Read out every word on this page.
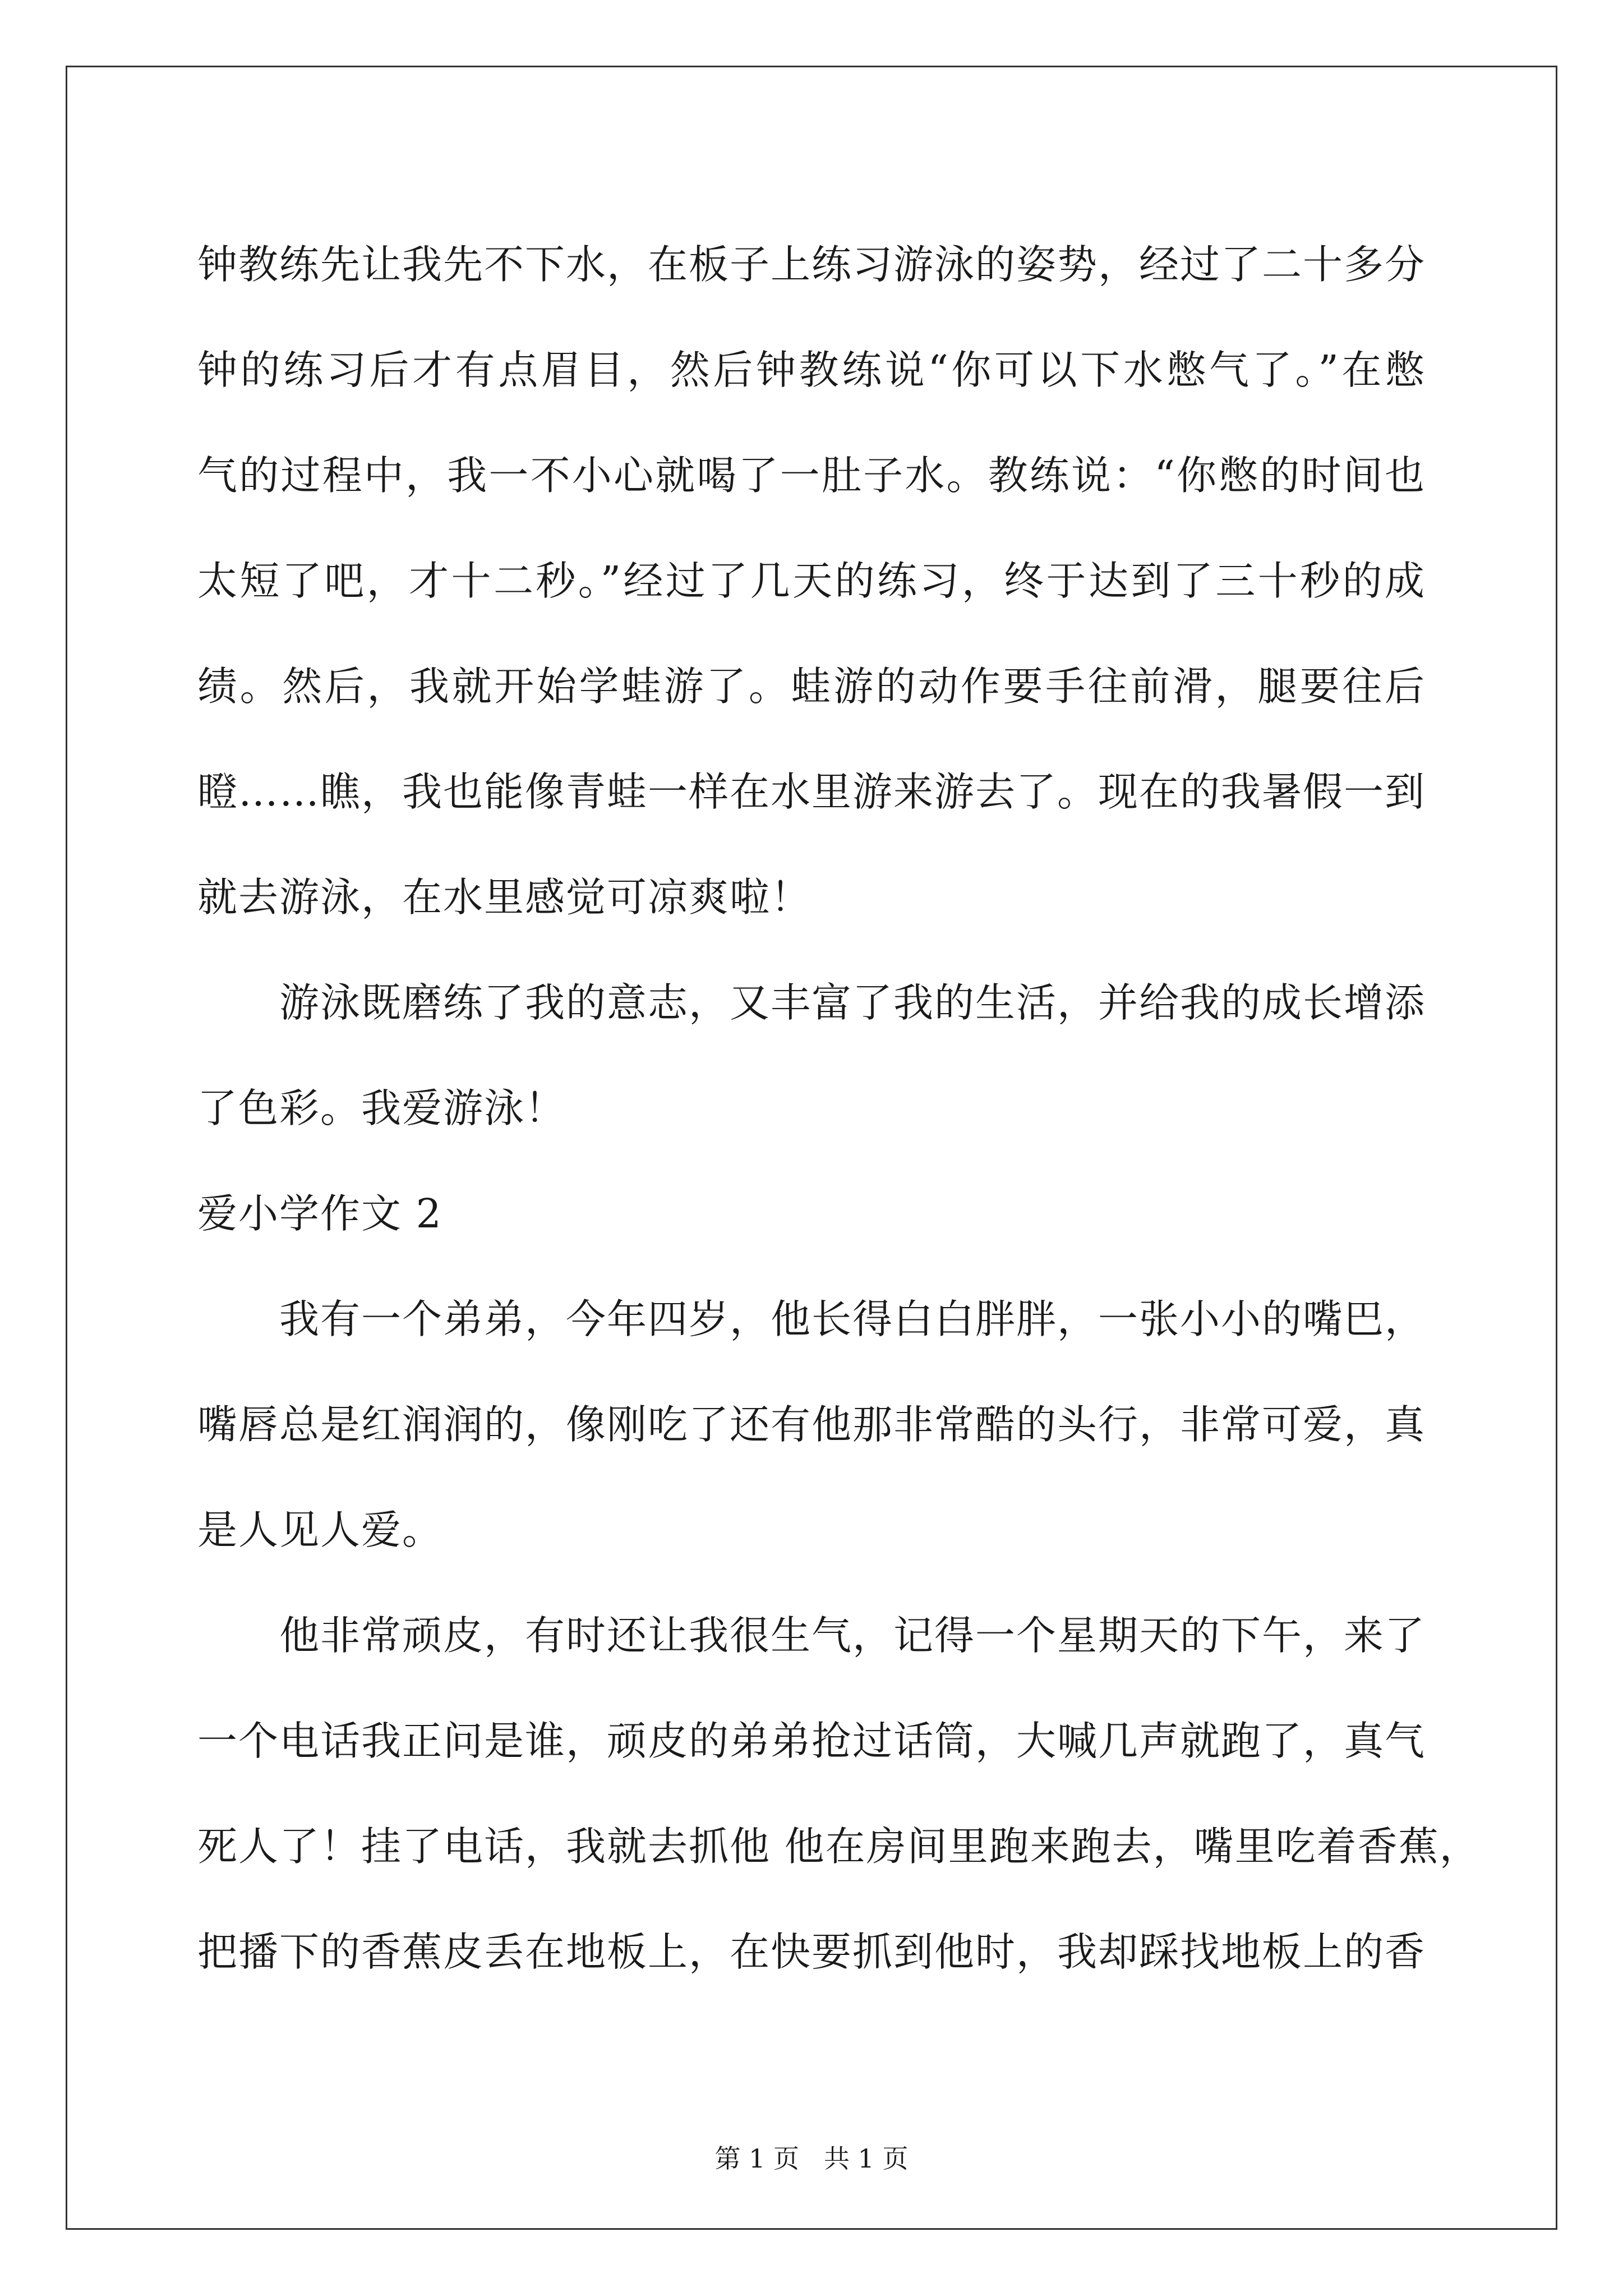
钟教练先让我先不下水，在板子上练习游泳的姿势，经过了二十多分
钟的练习后才有点眉目，然后钟教练说“你可以下水憋气了。”在憋
气的过程中，我一不小心就喝了一肚子水。教练说：“你憋的时间也
太短了吧，才十二秒。”经过了几天的练习，终于达到了三十秒的成
绩。然后，我就开始学蛙游了。蛙游的动作要手往前滑，腿要往后
瞪……瞧，我也能像青蛙一样在水里游来游去了。现在的我暑假一到
就去游泳，在水里感觉可凉爽啦！
游泳既磨练了我的意志，又丰富了我的生活，并给我的成长增添
了色彩。我爱游泳！
爱小学作文 2
我有一个弟弟，今年四岁，他长得白白胖胖，一张小小的嘴巴，
嘴唇总是红润润的，像刚吃了还有他那非常酷的头行，非常可爱，真
是人见人爱。
他非常顽皮，有时还让我很生气，记得一个星期天的下午，来了
一个电话我正问是谁，顽皮的弟弟抢过话筒，大喊几声就跑了，真气
死人了！挂了电话，我就去抓他 他在房间里跑来跑去，嘴里吃着香蕉，
把播下的香蕉皮丢在地板上，在快要抓到他时，我却踩找地板上的香
第 1 页 共 1 页
